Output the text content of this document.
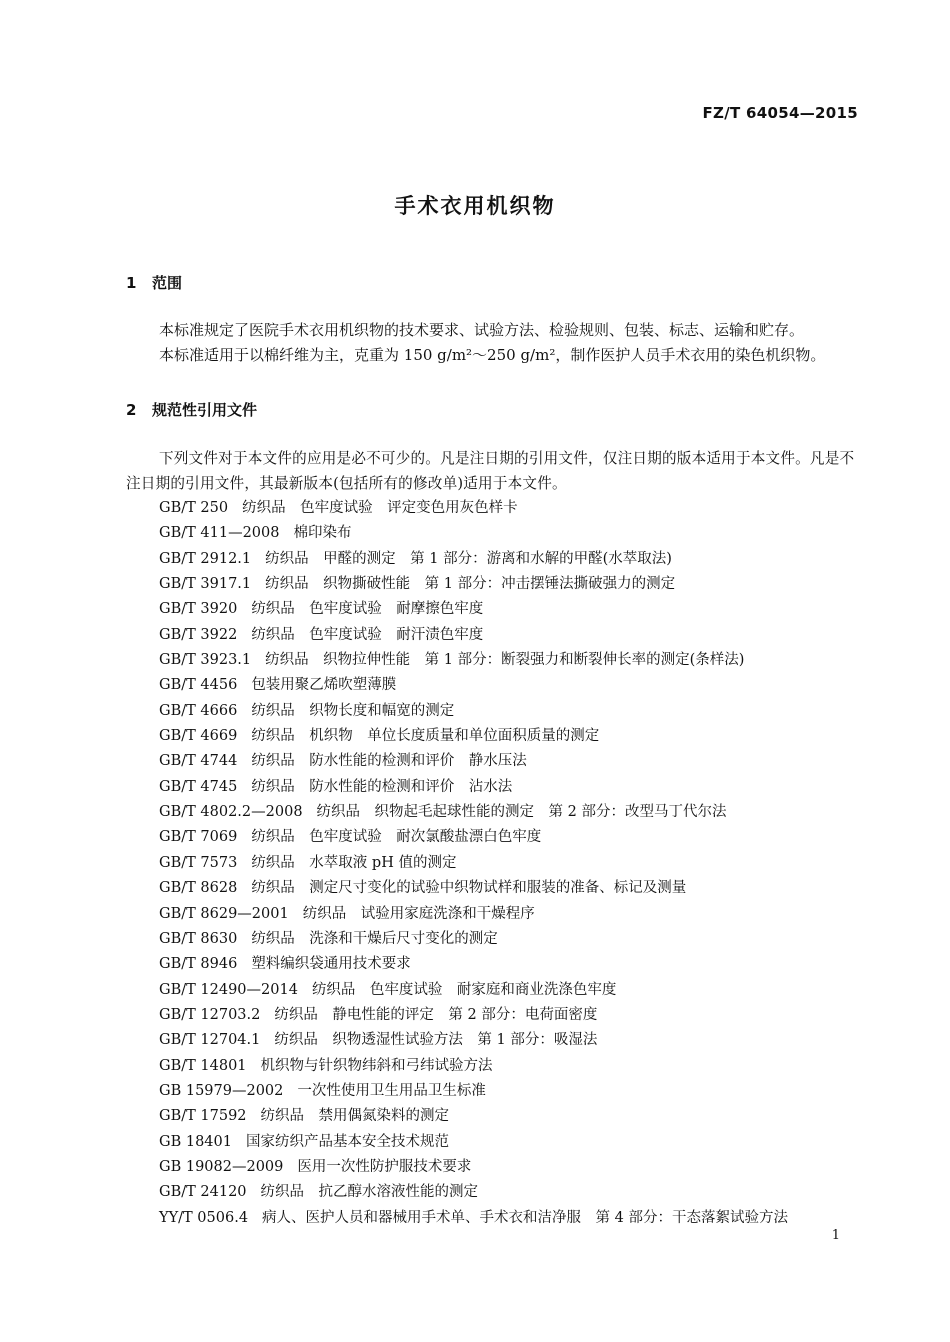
FZ/T 64054—2015
手术衣用机织物
1 范围
本标准规定了医院手术衣用机织物的技术要求、试验方法、检验规则、包装、标志、运输和贮存。
本标准适用于以棉纤维为主，克重为 150 g/m²～250 g/m²，制作医护人员手术衣用的染色机织物。
2 规范性引用文件
下列文件对于本文件的应用是必不可少的。凡是注日期的引用文件，仅注日期的版本适用于本文件。凡是不注日期的引用文件，其最新版本(包括所有的修改单)适用于本文件。
GB/T 250 纺织品　色牢度试验　评定变色用灰色样卡
GB/T 411—2008 棉印染布
GB/T 2912.1 纺织品　甲醛的测定　第 1 部分：游离和水解的甲醛(水萃取法)
GB/T 3917.1 纺织品　织物撕破性能　第 1 部分：冲击摆锤法撕破强力的测定
GB/T 3920 纺织品　色牢度试验　耐摩擦色牢度
GB/T 3922 纺织品　色牢度试验　耐汗渍色牢度
GB/T 3923.1 纺织品　织物拉伸性能　第 1 部分：断裂强力和断裂伸长率的测定(条样法)
GB/T 4456 包装用聚乙烯吹塑薄膜
GB/T 4666 纺织品　织物长度和幅宽的测定
GB/T 4669 纺织品　机织物　单位长度质量和单位面积质量的测定
GB/T 4744 纺织品　防水性能的检测和评价　静水压法
GB/T 4745 纺织品　防水性能的检测和评价　沾水法
GB/T 4802.2—2008 纺织品　织物起毛起球性能的测定　第 2 部分：改型马丁代尔法
GB/T 7069 纺织品　色牢度试验　耐次氯酸盐漂白色牢度
GB/T 7573 纺织品　水萃取液 pH 值的测定
GB/T 8628 纺织品　测定尺寸变化的试验中织物试样和服装的准备、标记及测量
GB/T 8629—2001 纺织品　试验用家庭洗涤和干燥程序
GB/T 8630 纺织品　洗涤和干燥后尺寸变化的测定
GB/T 8946 塑料编织袋通用技术要求
GB/T 12490—2014 纺织品　色牢度试验　耐家庭和商业洗涤色牢度
GB/T 12703.2 纺织品　静电性能的评定　第 2 部分：电荷面密度
GB/T 12704.1 纺织品　织物透湿性试验方法　第 1 部分：吸湿法
GB/T 14801 机织物与针织物纬斜和弓纬试验方法
GB 15979—2002 一次性使用卫生用品卫生标准
GB/T 17592 纺织品　禁用偶氮染料的测定
GB 18401 国家纺织产品基本安全技术规范
GB 19082—2009 医用一次性防护服技术要求
GB/T 24120 纺织品　抗乙醇水溶液性能的测定
YY/T 0506.4 病人、医护人员和器械用手术单、手术衣和洁净服　第 4 部分：干态落絮试验方法
1
